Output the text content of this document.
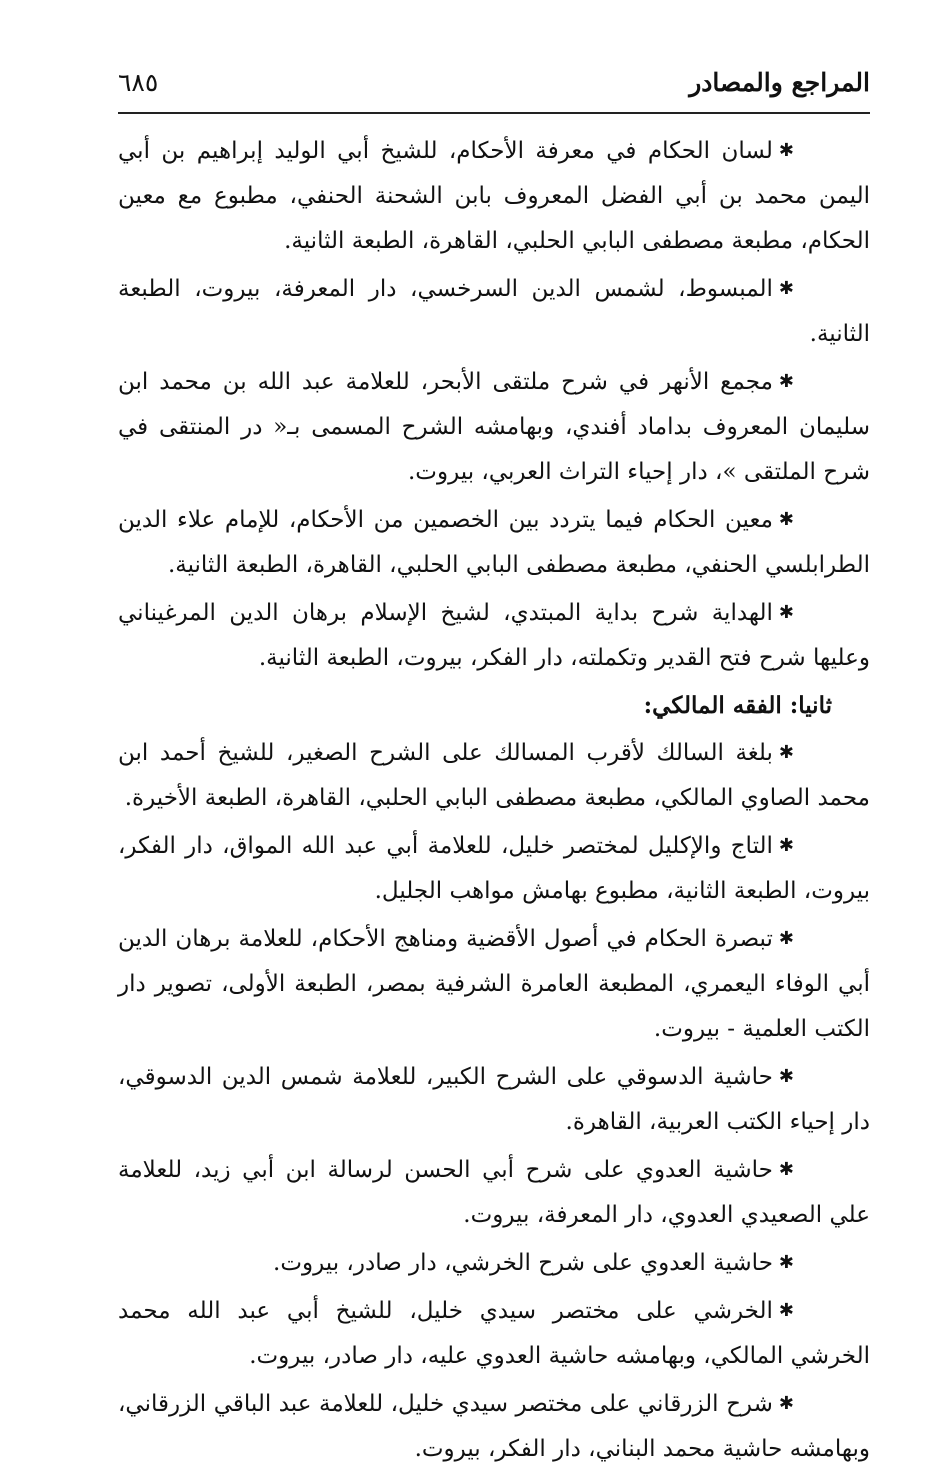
المراجع والمصادر
٦٨٥

✱لسان الحكام في معرفة الأحكام، للشيخ أبي الوليد إبراهيم بن أبي اليمن محمد بن أبي الفضل المعروف بابن الشحنة الحنفي، مطبوع مع معين الحكام، مطبعة مصطفى البابي الحلبي، القاهرة، الطبعة الثانية.

✱المبسوط، لشمس الدين السرخسي، دار المعرفة، بيروت، الطبعة الثانية.

✱مجمع الأنهر في شرح ملتقى الأبحر، للعلامة عبد الله بن محمد ابن سليمان المعروف بداماد أفندي، وبهامشه الشرح المسمى بـ« در المنتقى في شرح الملتقى »، دار إحياء التراث العربي، بيروت.

✱معين الحكام فيما يتردد بين الخصمين من الأحكام، للإمام علاء الدين الطرابلسي الحنفي، مطبعة مصطفى البابي الحلبي، القاهرة، الطبعة الثانية.

✱الهداية شرح بداية المبتدي، لشيخ الإسلام برهان الدين المرغيناني وعليها شرح فتح القدير وتكملته، دار الفكر، بيروت، الطبعة الثانية.

ثانيا: الفقه المالكي:

✱بلغة السالك لأقرب المسالك على الشرح الصغير، للشيخ أحمد ابن محمد الصاوي المالكي، مطبعة مصطفى البابي الحلبي، القاهرة، الطبعة الأخيرة.

✱التاج والإكليل لمختصر خليل، للعلامة أبي عبد الله المواق، دار الفكر، بيروت، الطبعة الثانية، مطبوع بهامش مواهب الجليل.

✱تبصرة الحكام في أصول الأقضية ومناهج الأحكام، للعلامة برهان الدين أبي الوفاء اليعمري، المطبعة العامرة الشرفية بمصر، الطبعة الأولى، تصوير دار الكتب العلمية - بيروت.

✱حاشية الدسوقي على الشرح الكبير، للعلامة شمس الدين الدسوقي، دار إحياء الكتب العربية، القاهرة.

✱حاشية العدوي على شرح أبي الحسن لرسالة ابن أبي زيد، للعلامة علي الصعيدي العدوي، دار المعرفة، بيروت.

✱حاشية العدوي على شرح الخرشي، دار صادر، بيروت.

✱الخرشي على مختصر سيدي خليل، للشيخ أبي عبد الله محمد الخرشي المالكي، وبهامشه حاشية العدوي عليه، دار صادر، بيروت.

✱شرح الزرقاني على مختصر سيدي خليل، للعلامة عبد الباقي الزرقاني، وبهامشه حاشية محمد البناني، دار الفكر، بيروت.
